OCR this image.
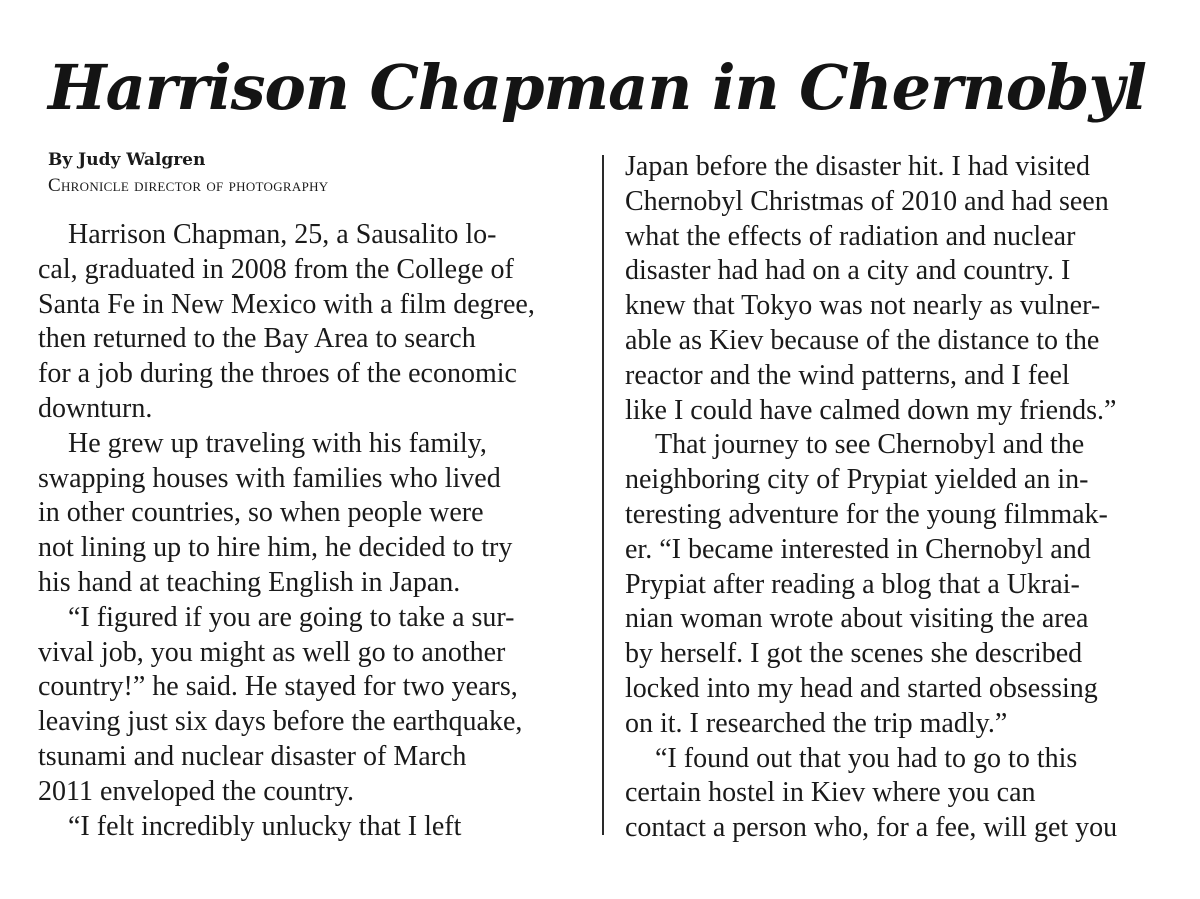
Harrison Chapman in Chernobyl
By Judy Walgren
Chronicle director of photography
Harrison Chapman, 25, a Sausalito lo-
cal, graduated in 2008 from the College of
Santa Fe in New Mexico with a film degree,
then returned to the Bay Area to search
for a job during the throes of the economic
downturn.
He grew up traveling with his family,
swapping houses with families who lived
in other countries, so when people were
not lining up to hire him, he decided to try
his hand at teaching English in Japan.
“I figured if you are going to take a sur-
vival job, you might as well go to another
country!” he said. He stayed for two years,
leaving just six days before the earthquake,
tsunami and nuclear disaster of March
2011 enveloped the country.
“I felt incredibly unlucky that I left
Japan before the disaster hit. I had visited
Chernobyl Christmas of 2010 and had seen
what the effects of radiation and nuclear
disaster had had on a city and country. I
knew that Tokyo was not nearly as vulner-
able as Kiev because of the distance to the
reactor and the wind patterns, and I feel
like I could have calmed down my friends.”
That journey to see Chernobyl and the
neighboring city of Prypiat yielded an in-
teresting adventure for the young filmmak-
er. “I became interested in Chernobyl and
Prypiat after reading a blog that a Ukrai-
nian woman wrote about visiting the area
by herself. I got the scenes she described
locked into my head and started obsessing
on it. I researched the trip madly.”
“I found out that you had to go to this
certain hostel in Kiev where you can
contact a person who, for a fee, will get you
